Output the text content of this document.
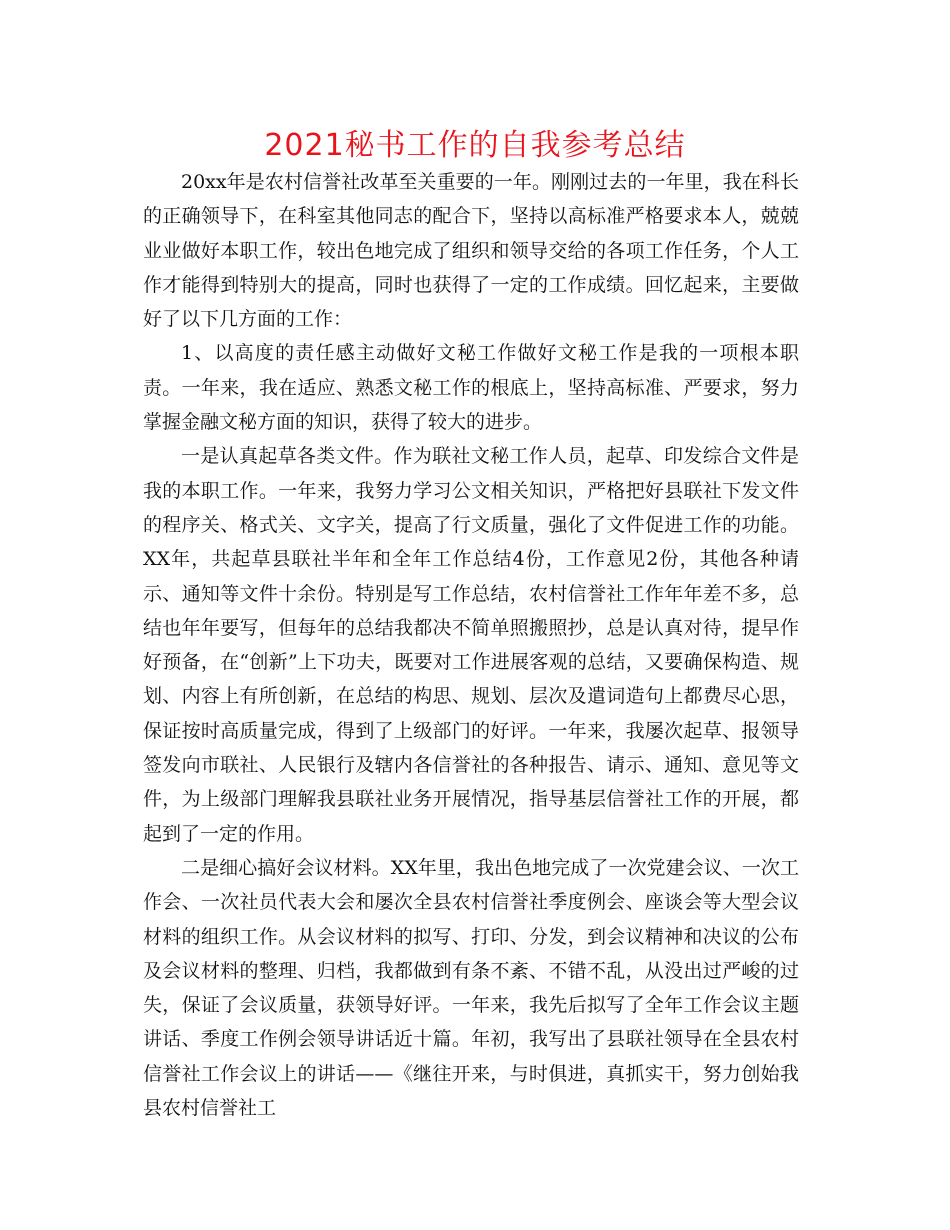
2021秘书工作的自我参考总结

20xx年是农村信誉社改革至关重要的一年。刚刚过去的一年里，我在科长的正确领导下，在科室其他同志的配合下，坚持以高标准严格要求本人，兢兢业业做好本职工作，较出色地完成了组织和领导交给的各项工作任务，个人工作才能得到特别大的提高，同时也获得了一定的工作成绩。回忆起来，主要做好了以下几方面的工作：

1、以高度的责任感主动做好文秘工作做好文秘工作是我的一项根本职责。一年来，我在适应、熟悉文秘工作的根底上，坚持高标准、严要求，努力掌握金融文秘方面的知识，获得了较大的进步。

一是认真起草各类文件。作为联社文秘工作人员，起草、印发综合文件是我的本职工作。一年来，我努力学习公文相关知识，严格把好县联社下发文件的程序关、格式关、文字关，提高了行文质量，强化了文件促进工作的功能。XX年，共起草县联社半年和全年工作总结4份，工作意见2份，其他各种请示、通知等文件十余份。特别是写工作总结，农村信誉社工作年年差不多，总结也年年要写，但每年的总结我都决不简单照搬照抄，总是认真对待，提早作好预备，在“创新”上下功夫，既要对工作进展客观的总结，又要确保构造、规划、内容上有所创新，在总结的构思、规划、层次及遣词造句上都费尽心思，保证按时高质量完成，得到了上级部门的好评。一年来，我屡次起草、报领导签发向市联社、人民银行及辖内各信誉社的各种报告、请示、通知、意见等文件，为上级部门理解我县联社业务开展情况，指导基层信誉社工作的开展，都起到了一定的作用。

二是细心搞好会议材料。XX年里，我出色地完成了一次党建会议、一次工作会、一次社员代表大会和屡次全县农村信誉社季度例会、座谈会等大型会议材料的组织工作。从会议材料的拟写、打印、分发，到会议精神和决议的公布及会议材料的整理、归档，我都做到有条不紊、不错不乱，从没出过严峻的过失，保证了会议质量，获领导好评。一年来，我先后拟写了全年工作会议主题讲话、季度工作例会领导讲话近十篇。年初，我写出了县联社领导在全县农村信誉社工作会议上的讲话——《继往开来，与时俱进，真抓实干，努力创始我县农村信誉社工
